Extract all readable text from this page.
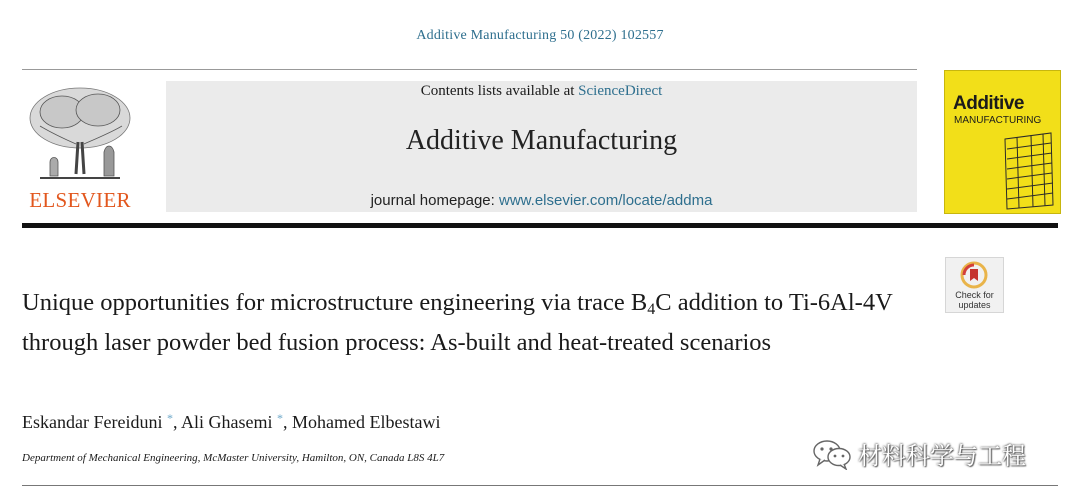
Additive Manufacturing 50 (2022) 102557
ELSEVIER
Contents lists available at ScienceDirect
Additive Manufacturing
journal homepage: www.elsevier.com/locate/addma
Additive
MANUFACTURING
Check for
updates
Unique opportunities for microstructure engineering via trace $B_4C$ addition to Ti-6Al-4V through laser powder bed fusion process: As-built and heat-treated scenarios
Eskandar Fereiduni *, Ali Ghasemi *, Mohamed Elbestawi
Department of Mechanical Engineering, McMaster University, Hamilton, ON, Canada L8S 4L7	材料科学与工程
